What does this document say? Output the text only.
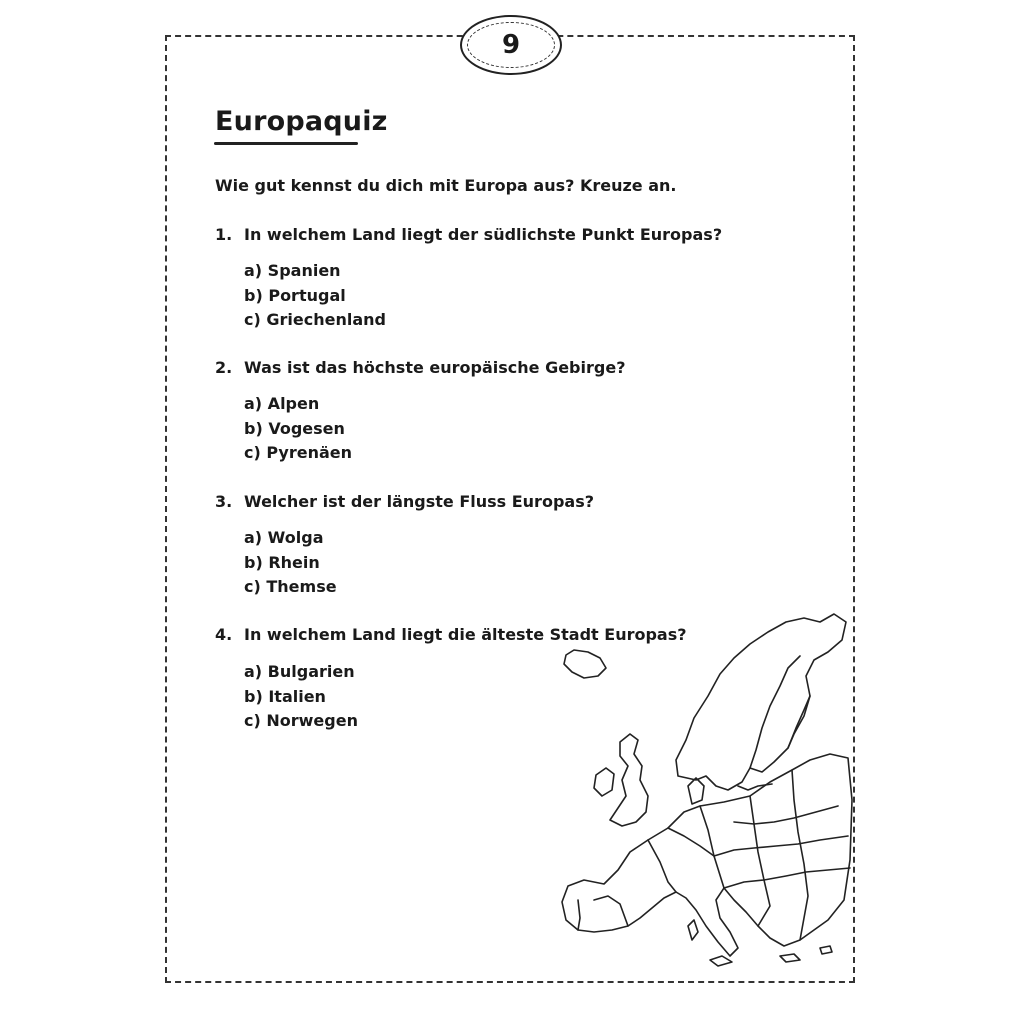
9
Europaquiz
Wie gut kennst du dich mit Europa aus? Kreuze an.
1. In welchem Land liegt der südlichste Punkt Europas?
a) Spanien
b) Portugal
c) Griechenland
2. Was ist das höchste europäische Gebirge?
a) Alpen
b) Vogesen
c) Pyrenäen
3. Welcher ist der längste Fluss Europas?
a) Wolga
b) Rhein
c) Themse
4. In welchem Land liegt die älteste Stadt Europas?
a) Bulgarien
b) Italien
c) Norwegen
